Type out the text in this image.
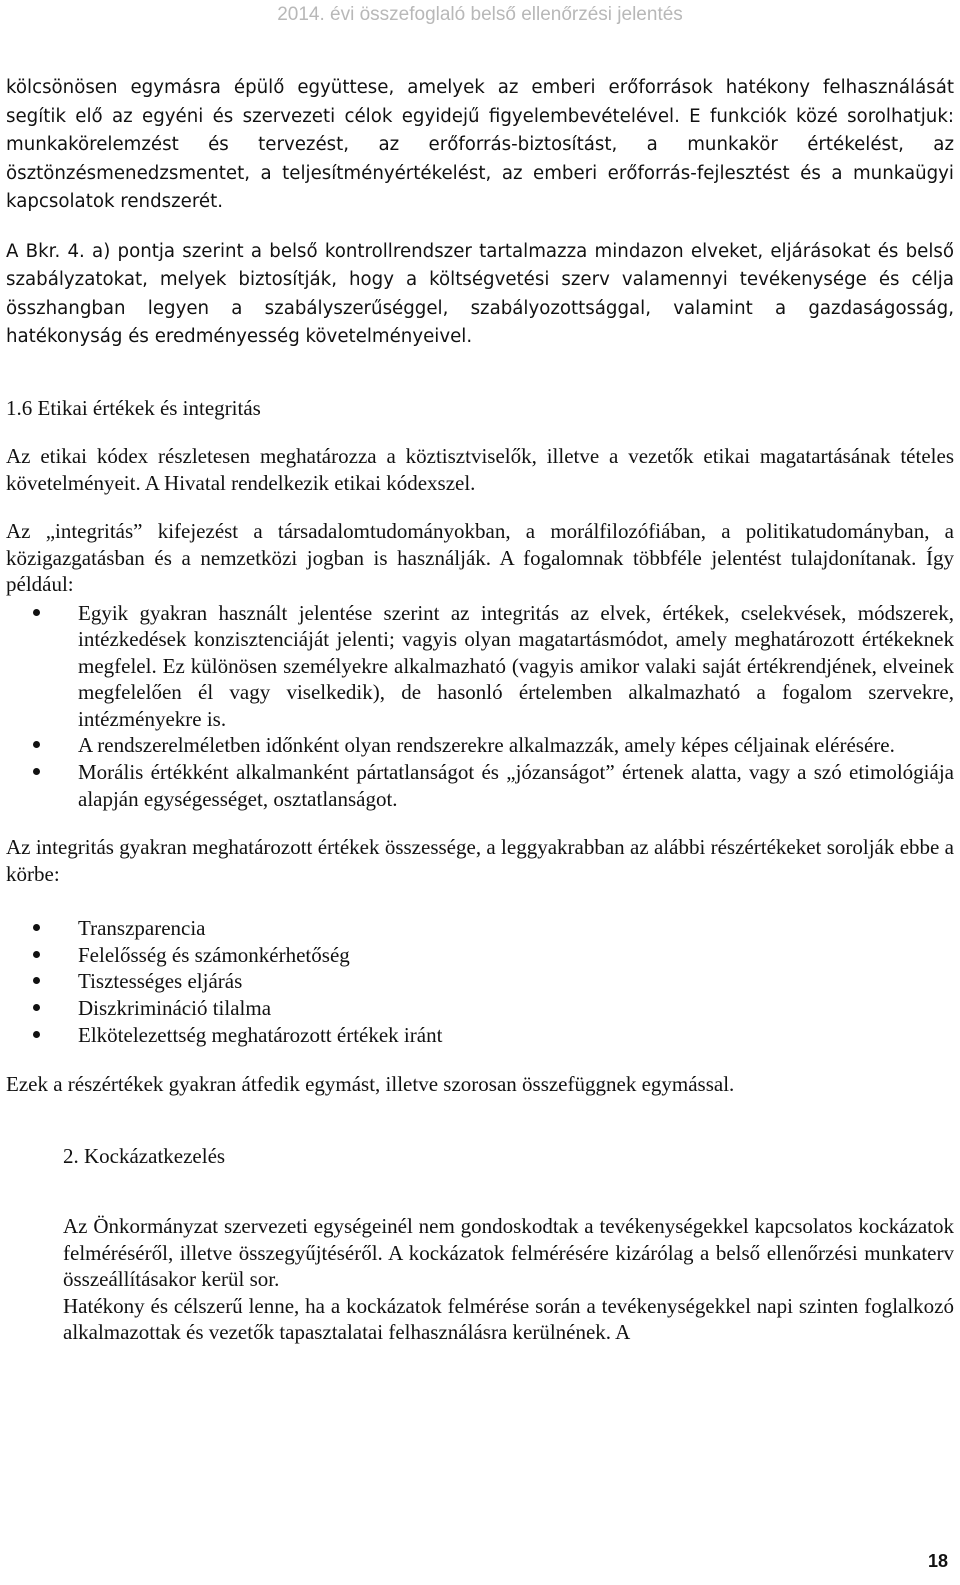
2014. évi összefoglaló belső ellenőrzési jelentés

kölcsönösen egymásra épülő együttese, amelyek az emberi erőforrások hatékony felhasználását segítik elő az egyéni és szervezeti célok egyidejű figyelembevételével. E funkciók közé sorolhatjuk: munkakörelemzést és tervezést, az erőforrás-biztosítást, a munkakör értékelést, az ösztönzésmenedzsmentet, a teljesítményértékelést, az emberi erőforrás-fejlesztést és a munkaügyi kapcsolatok rendszerét.

A Bkr. 4. a) pontja szerint a belső kontrollrendszer tartalmazza mindazon elveket, eljárásokat és belső szabályzatokat, melyek biztosítják, hogy a költségvetési szerv valamennyi tevékenysége és célja összhangban legyen a szabályszerűséggel, szabályozottsággal, valamint a gazdaságosság, hatékonyság és eredményesség követelményeivel.

1.6 Etikai értékek és integritás

Az etikai kódex részletesen meghatározza a köztisztviselők, illetve a vezetők etikai magatartásának tételes követelményeit. A Hivatal rendelkezik etikai kódexszel.

Az „integritás” kifejezést a társadalomtudományokban, a morálfilozófiában, a politikatudományban, a közigazgatásban és a nemzetközi jogban is használják. A fogalomnak többféle jelentést tulajdonítanak. Így például:

Egyik gyakran használt jelentése szerint az integritás az elvek, értékek, cselekvések, módszerek, intézkedések konzisztenciáját jelenti; vagyis olyan magatartásmódot, amely meghatározott értékeknek megfelel. Ez különösen személyekre alkalmazható (vagyis amikor valaki saját értékrendjének, elveinek megfelelően él vagy viselkedik), de hasonló értelemben alkalmazható a fogalom szervekre, intézményekre is.
A rendszerelméletben időnként olyan rendszerekre alkalmazzák, amely képes céljainak elérésére.
Morális értékként alkalmanként pártatlanságot és „józanságot” értenek alatta, vagy a szó etimológiája alapján egységességet, osztatlanságot.

Az integritás gyakran meghatározott értékek összessége, a leggyakrabban az alábbi részértékeket sorolják ebbe a körbe:

Transzparencia
Felelősség és számonkérhetőség
Tisztességes eljárás
Diszkrimináció tilalma
Elkötelezettség meghatározott értékek iránt

Ezek a részértékek gyakran átfedik egymást, illetve szorosan összefüggnek egymással.

2. Kockázatkezelés

Az Önkormányzat szervezeti egységeinél nem gondoskodtak a tevékenységekkel kapcsolatos kockázatok felméréséről, illetve összegyűjtéséről. A kockázatok felmérésére kizárólag a belső ellenőrzési munkaterv összeállításakor kerül sor.

Hatékony és célszerű lenne, ha a kockázatok felmérése során a tevékenységekkel napi szinten foglalkozó alkalmazottak és vezetők tapasztalatai felhasználásra kerülnének. A

18
